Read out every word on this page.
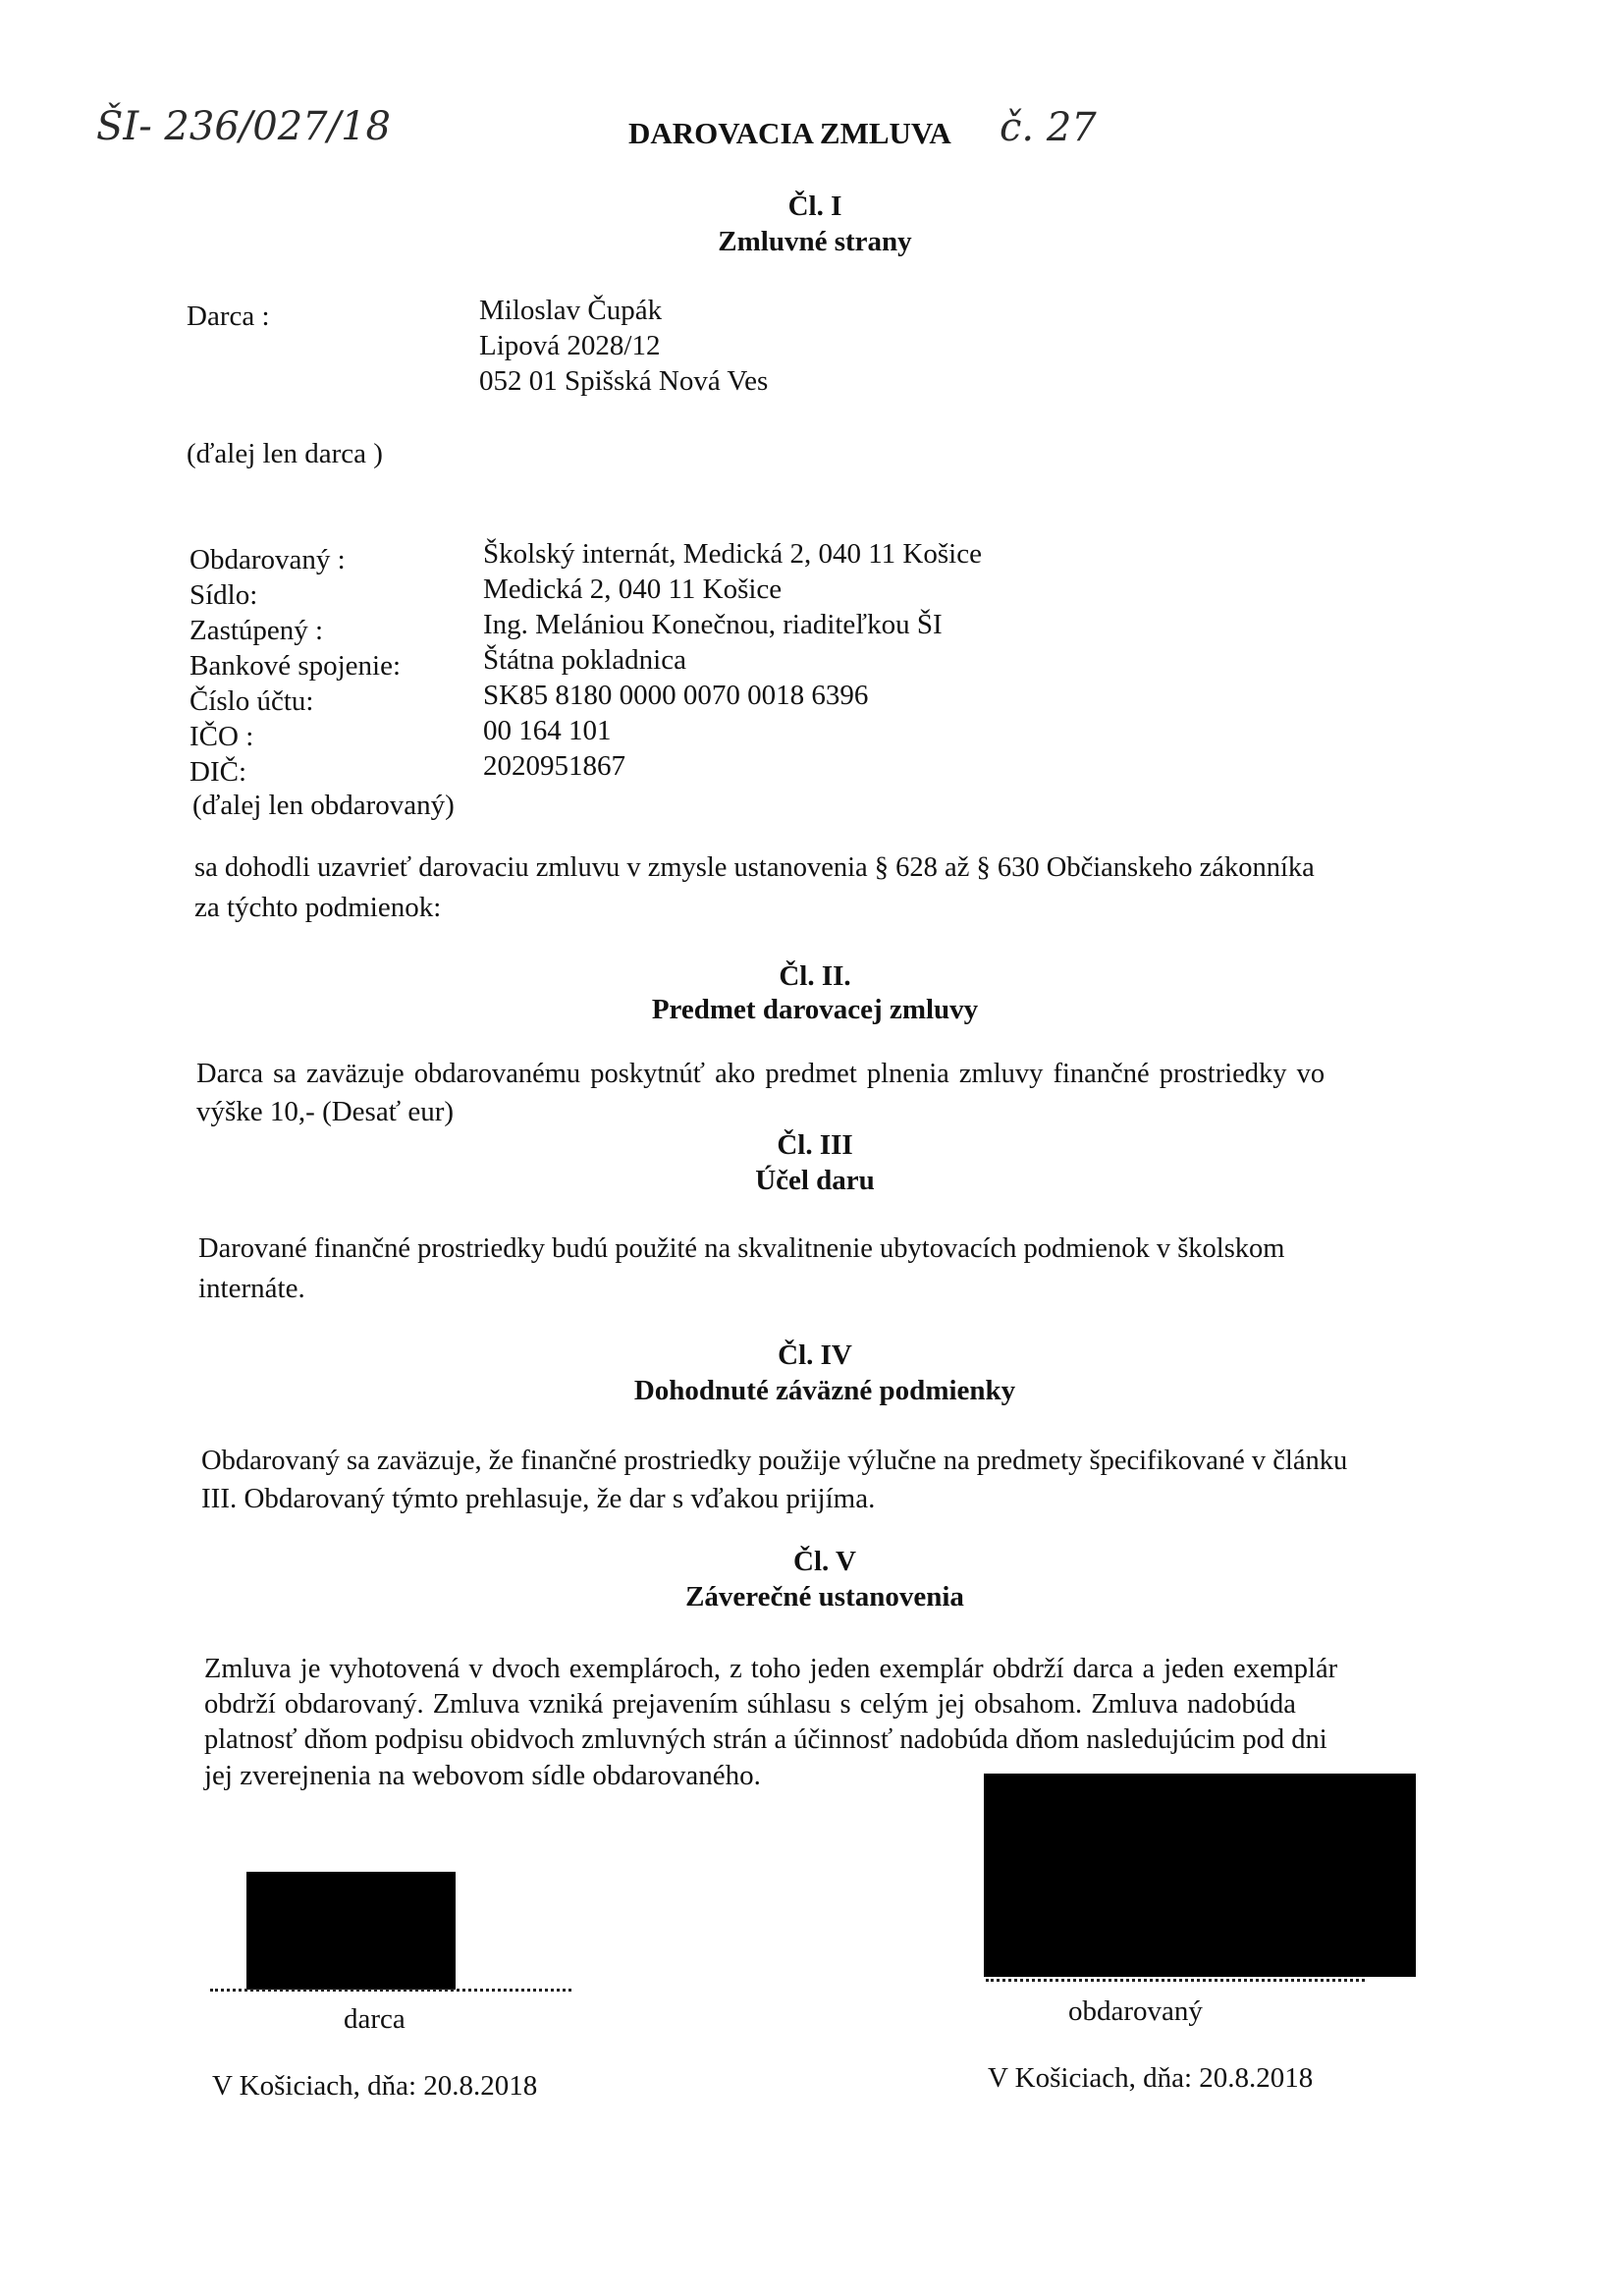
ŠI- 236/027/18	DAROVACIA ZMLUVA č. 27
Čl. I
Zmluvné strany
Darca :	Miloslav Čupák
Lipová 2028/12
052 01 Spišská Nová Ves
(ďalej len darca )
Obdarovaný :	Školský internát, Medická 2, 040 11 Košice
Sídlo:	Medická 2, 040 11 Košice
Zastúpený :	Ing. Melániou Konečnou, riaditeľkou ŠI
Bankové spojenie:	Štátna pokladnica
Číslo účtu:	SK85 8180 0000 0070 0018 6396
IČO :	00 164 101
DIČ:	2020951867
(ďalej len obdarovaný)
sa dohodli uzavrieť darovaciu zmluvu v zmysle ustanovenia § 628 až § 630 Občianskeho zákonníka
za týchto podmienok:
Čl. II.
Predmet darovacej zmluvy
Darca sa zaväzuje obdarovanému poskytnúť ako predmet plnenia zmluvy finančné prostriedky vo
výške 10,- (Desať eur)
Čl. III
Účel daru
Darované finančné prostriedky budú použité na skvalitnenie ubytovacích podmienok v školskom
internáte.
Čl. IV
Dohodnuté záväzné podmienky
Obdarovaný sa zaväzuje, že finančné prostriedky použije výlučne na predmety špecifikované v článku
III. Obdarovaný týmto prehlasuje, že dar s vďakou prijíma.
Čl. V
Záverečné ustanovenia
Zmluva je vyhotovená v dvoch exemplároch, z toho jeden exemplár obdrží darca a jeden exemplár
obdrží obdarovaný. Zmluva vzniká prejavením súhlasu s celým jej obsahom. Zmluva nadobúda
platnosť dňom podpisu obidvoch zmluvných strán a účinnosť nadobúda dňom nasledujúcim pod dni
jej zverejnenia na webovom sídle obdarovaného.
darca	obdarovaný
V Košiciach, dňa: 20.8.2018	V Košiciach, dňa: 20.8.2018
